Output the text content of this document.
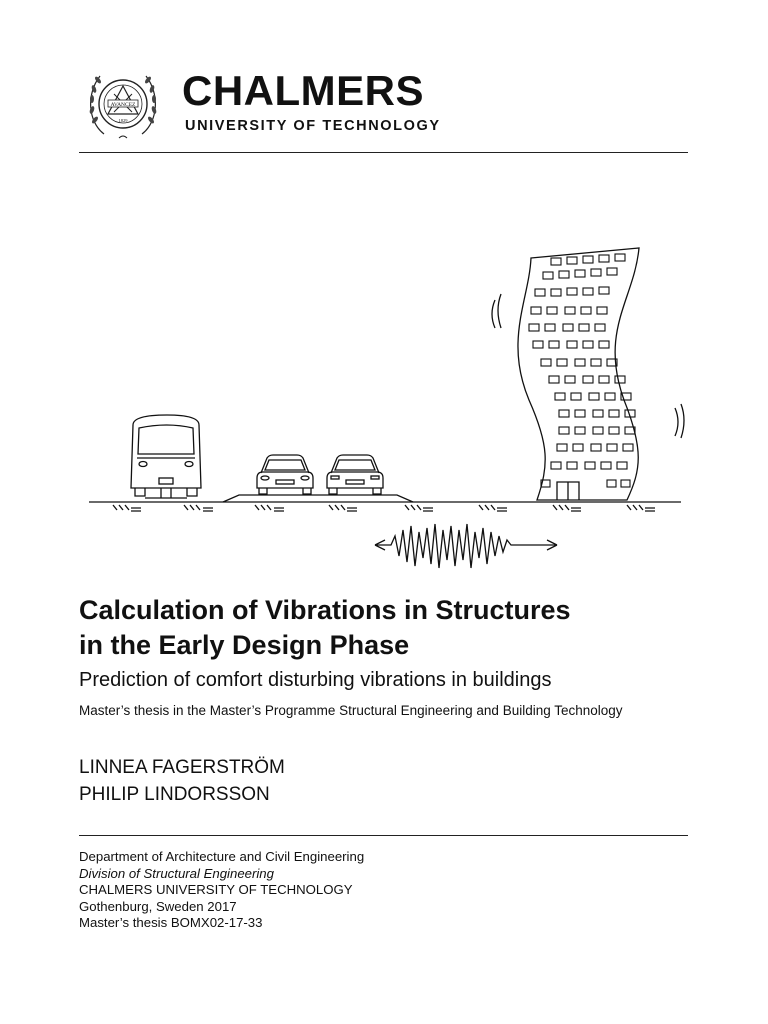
AVANCEZ
1829
CHALMERS
UNIVERSITY OF TECHNOLOGY
Calculation of Vibrations in Structures
in the Early Design Phase
Prediction of comfort disturbing vibrations in buildings
Master’s thesis in the Master’s Programme Structural Engineering and Building Technology
LINNEA FAGERSTRÖM
PHILIP LINDORSSON
Department of Architecture and Civil Engineering
Division of Structural Engineering
CHALMERS UNIVERSITY OF TECHNOLOGY
Gothenburg, Sweden 2017
Master’s thesis BOMX02-17-33
